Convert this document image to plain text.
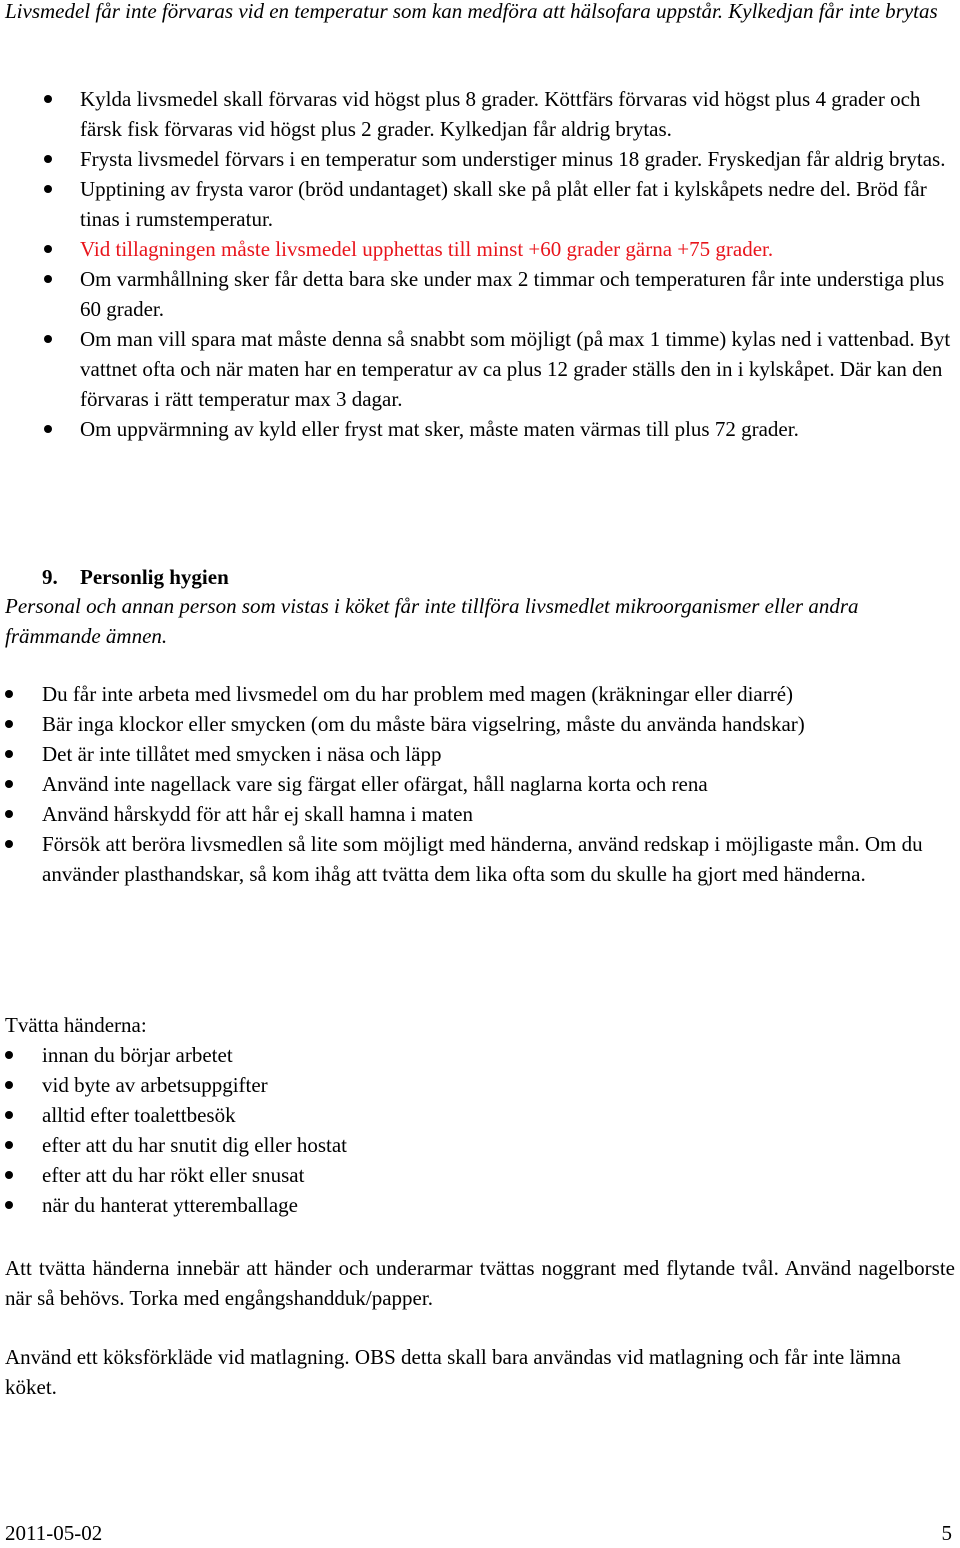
Livsmedel får inte förvaras vid en temperatur som kan medföra att hälsofara uppstår. Kylkedjan får inte brytas

Kylda livsmedel skall förvaras vid högst plus 8 grader. Köttfärs förvaras vid högst plus 4 grader och färsk fisk förvaras vid högst plus 2 grader. Kylkedjan får aldrig brytas.
Frysta livsmedel förvars i en temperatur som understiger minus 18 grader. Fryskedjan får aldrig brytas.
Upptining av frysta varor (bröd undantaget) skall ske på plåt eller fat i kylskåpets nedre del. Bröd får tinas i rumstemperatur.
Vid tillagningen måste livsmedel upphettas till minst +60 grader gärna +75 grader.
Om varmhållning sker får detta bara ske under max 2 timmar och temperaturen får inte understiga plus 60 grader.
Om man vill spara mat måste denna så snabbt som möjligt (på max 1 timme) kylas ned i vattenbad. Byt vattnet ofta och när maten har en temperatur av ca plus 12 grader ställs den in i kylskåpet. Där kan den förvaras i rätt temperatur max 3 dagar.
Om uppvärmning av kyld eller fryst mat sker, måste maten värmas till plus 72 grader.

9. Personlig hygien

Personal och annan person som vistas i köket får inte tillföra livsmedlet mikroorganismer eller andra främmande ämnen.

Du får inte arbeta med livsmedel om du har problem med magen (kräkningar eller diarré)
Bär inga klockor eller smycken (om du måste bära vigselring, måste du använda handskar)
Det är inte tillåtet med smycken i näsa och läpp
Använd inte nagellack vare sig färgat eller ofärgat, håll naglarna korta och rena
Använd hårskydd för att hår ej skall hamna i maten
Försök att beröra livsmedlen så lite som möjligt med händerna, använd redskap i möjligaste mån. Om du använder plasthandskar, så kom ihåg att tvätta dem lika ofta som du skulle ha gjort med händerna.

Tvätta händerna:

innan du börjar arbetet
vid byte av arbetsuppgifter
alltid efter toalettbesök
efter att du har snutit dig eller hostat
efter att du har rökt eller snusat
när du hanterat ytteremballage

Att tvätta händerna innebär att händer och underarmar tvättas noggrant med flytande tvål. Använd nagelborste när så behövs. Torka med engångshandduk/papper.

Använd ett köksförkläde vid matlagning. OBS detta skall bara användas vid matlagning och får inte lämna köket.

2011-05-02	5
